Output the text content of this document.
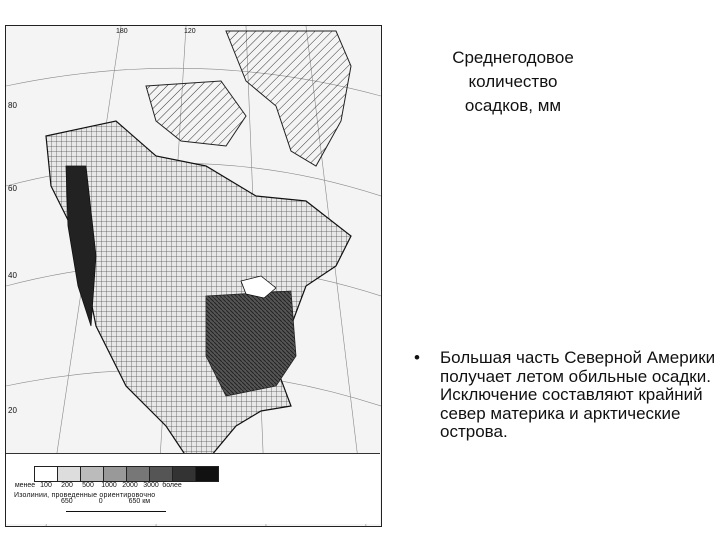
180	120
80
60
40
20
менее 100	200	500	1000 2000 3000 более
Изолинии, проведенные ориентировочно
650	0	650 км
Среднегодовое количество
осадков, мм
• Большая часть Северной Америки получает летом обильные осадки. Исключение составляют крайний север материка и арктические острова.
